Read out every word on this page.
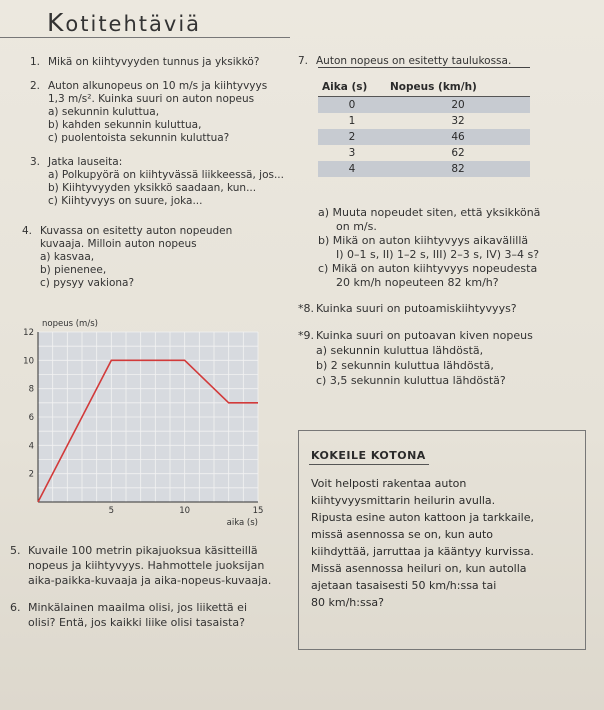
Kotitehtäviä
1. Mikä on kiihtyvyyden tunnus ja yksikkö?
2. Auton alkunopeus on 10 m/s ja kiihtyvyys
1,3 m/s². Kuinka suuri on auton nopeus
a) sekunnin kuluttua,
b) kahden sekunnin kuluttua,
c) puolentoista sekunnin kuluttua?
3. Jatka lauseita:
a) Polkupyörä on kiihtyvässä liikkeessä, jos...
b) Kiihtyvyyden yksikkö saadaan, kun...
c) Kiihtyvyys on suure, joka...
4. Kuvassa on esitetty auton nopeuden
kuvaaja. Milloin auton nopeus
a) kasvaa,
b) pienenee,
c) pysyy vakiona?
2
4
6
8
10
12
5	10	15
nopeus (m/s)
aika (s)
5. Kuvaile 100 metrin pikajuoksua käsitteillä
nopeus ja kiihtyvyys. Hahmottele juoksijan
aika-paikka-kuvaaja ja aika-nopeus-kuvaaja.
6. Minkälainen maailma olisi, jos liikettä ei
olisi? Entä, jos kaikki liike olisi tasaista?
7. Auton nopeus on esitetty taulukossa.
Aika (s)	Nopeus (km/h)
0	20
1	32
2	46
3	62
4	82
a) Muuta nopeudet siten, että yksikkönä
on m/s.
b) Mikä on auton kiihtyvyys aikavälillä
I) 0–1 s, II) 1–2 s, III) 2–3 s, IV) 3–4 s?
c) Mikä on auton kiihtyvyys nopeudesta
20 km/h nopeuteen 82 km/h?
*8. Kuinka suuri on putoamiskiihtyvyys?
*9. Kuinka suuri on putoavan kiven nopeus
a) sekunnin kuluttua lähdöstä,
b) 2 sekunnin kuluttua lähdöstä,
c) 3,5 sekunnin kuluttua lähdöstä?
KOKEILE KOTONA
Voit helposti rakentaa auton
kiihtyvyysmittarin heilurin avulla.
Ripusta esine auton kattoon ja tarkkaile,
missä asennossa se on, kun auto
kiihdyttää, jarruttaa ja kääntyy kurvissa.
Missä asennossa heiluri on, kun autolla
ajetaan tasaisesti 50 km/h:ssa tai
80 km/h:ssa?
